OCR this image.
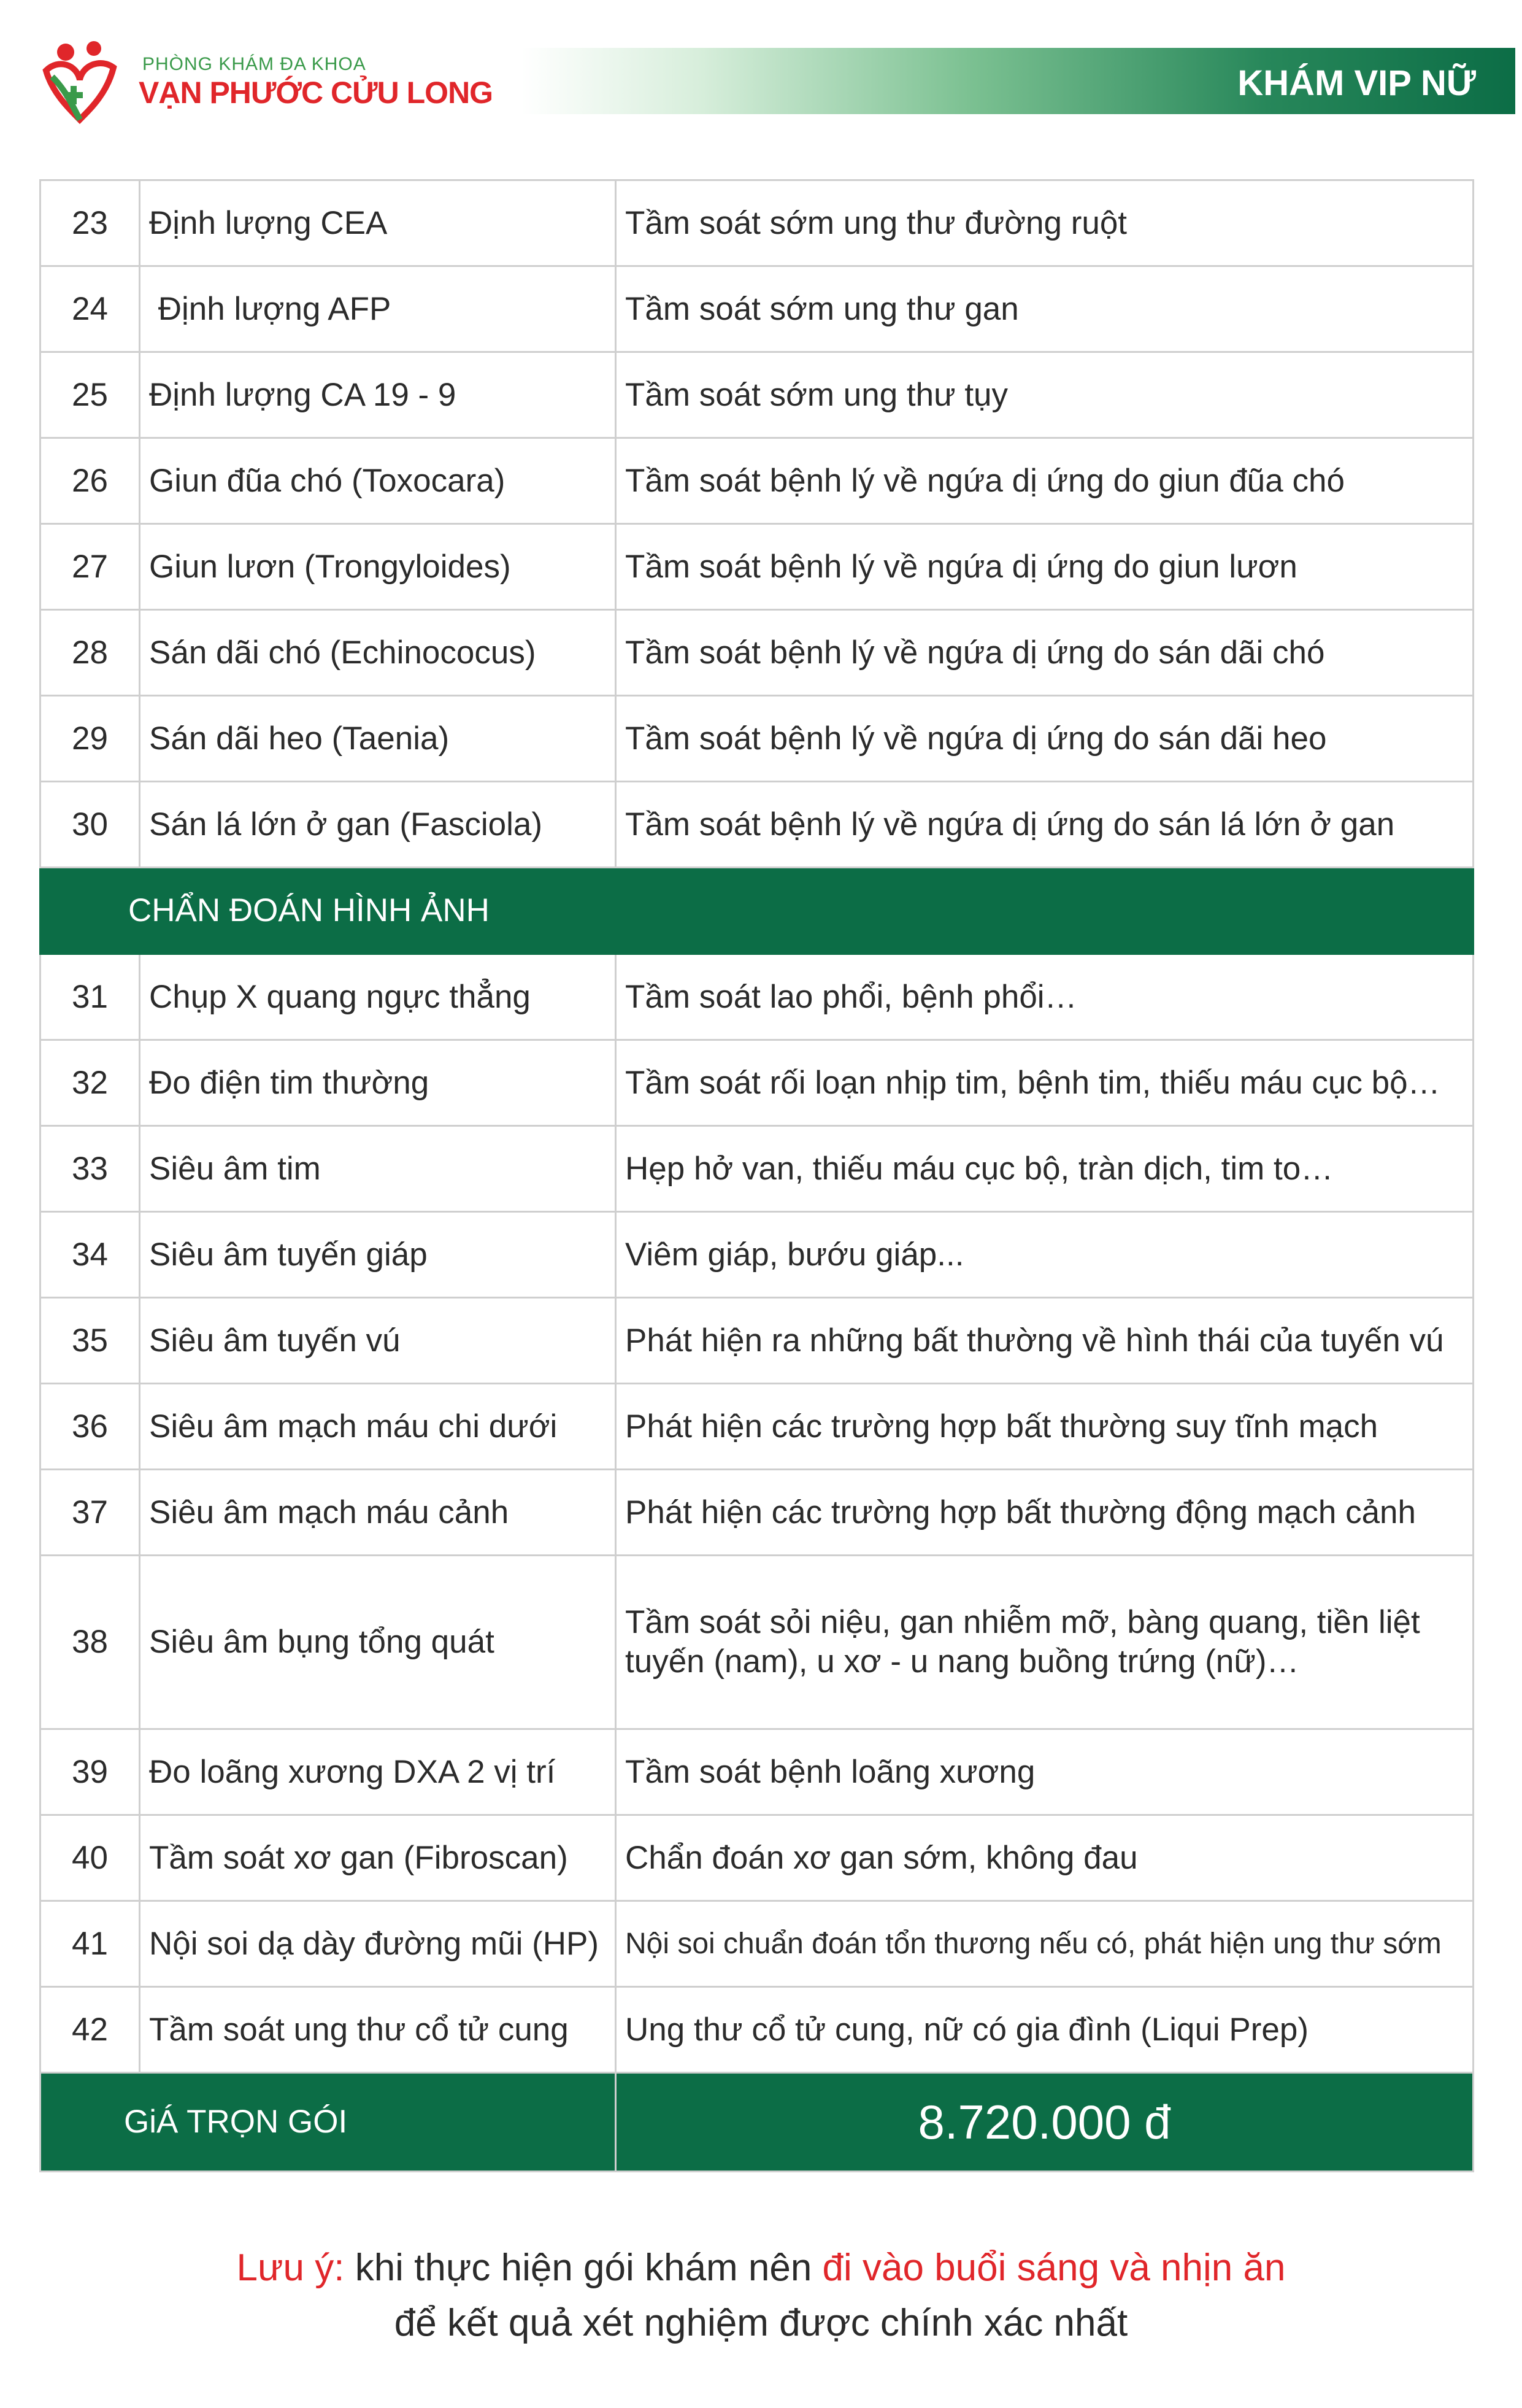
PHÒNG KHÁM ĐA KHOA
VẠN PHƯỚC CỬU LONG	KHÁM VIP NỮ
23	Định lượng CEA	Tầm soát sớm ung thư đường ruột
24	Định lượng AFP	Tầm soát sớm ung thư gan
25	Định lượng CA 19 - 9	Tầm soát sớm ung thư tụy
26	Giun đũa chó (Toxocara)	Tầm soát bệnh lý về ngứa dị ứng do giun đũa chó
27	Giun lươn (Trongyloides)	Tầm soát bệnh lý về ngứa dị ứng do giun lươn
28	Sán dãi chó (Echinococus)	Tầm soát bệnh lý về ngứa dị ứng do sán dãi chó
29	Sán dãi heo (Taenia)	Tầm soát bệnh lý về ngứa dị ứng do sán dãi heo
30	Sán lá lớn ở gan (Fasciola)	Tầm soát bệnh lý về ngứa dị ứng do sán lá lớn ở gan
CHẨN ĐOÁN HÌNH ẢNH		
31	Chụp X quang ngực thẳng	Tầm soát lao phổi, bệnh phổi…
32	Đo điện tim thường	Tầm soát rối loạn nhịp tim, bệnh tim, thiếu máu cục bộ…
33	Siêu âm tim	Hẹp hở van, thiếu máu cục bộ, tràn dịch, tim to…
34	Siêu âm tuyến giáp	Viêm giáp, bướu giáp...
35	Siêu âm tuyến vú	Phát hiện ra những bất thường về hình thái của tuyến vú
36	Siêu âm mạch máu chi dưới	Phát hiện các trường hợp bất thường suy tĩnh mạch
37	Siêu âm mạch máu cảnh	Phát hiện các trường hợp bất thường động mạch cảnh
38	Siêu âm bụng tổng quát	Tầm soát sỏi niệu, gan nhiễm mỡ, bàng quang, tiền liệt
tuyến (nam), u xơ - u nang buồng trứng (nữ)…

39	Đo loãng xương DXA 2 vị trí	Tầm soát bệnh loãng xương
40	Tầm soát xơ gan (Fibroscan)	Chẩn đoán xơ gan sớm, không đau
41	Nội soi dạ dày đường mũi (HP)	Nội soi chuẩn đoán tổn thương nếu có, phát hiện ung thư sớm
42	Tầm soát ung thư cổ tử cung	Ung thư cổ tử cung, nữ có gia đình (Liqui Prep)
GiÁ TRỌN GÓI		8.720.000 đ
Lưu ý: khi thực hiện gói khám nên đi vào buổi sáng và nhịn ăn
để kết quả xét nghiệm được chính xác nhất
